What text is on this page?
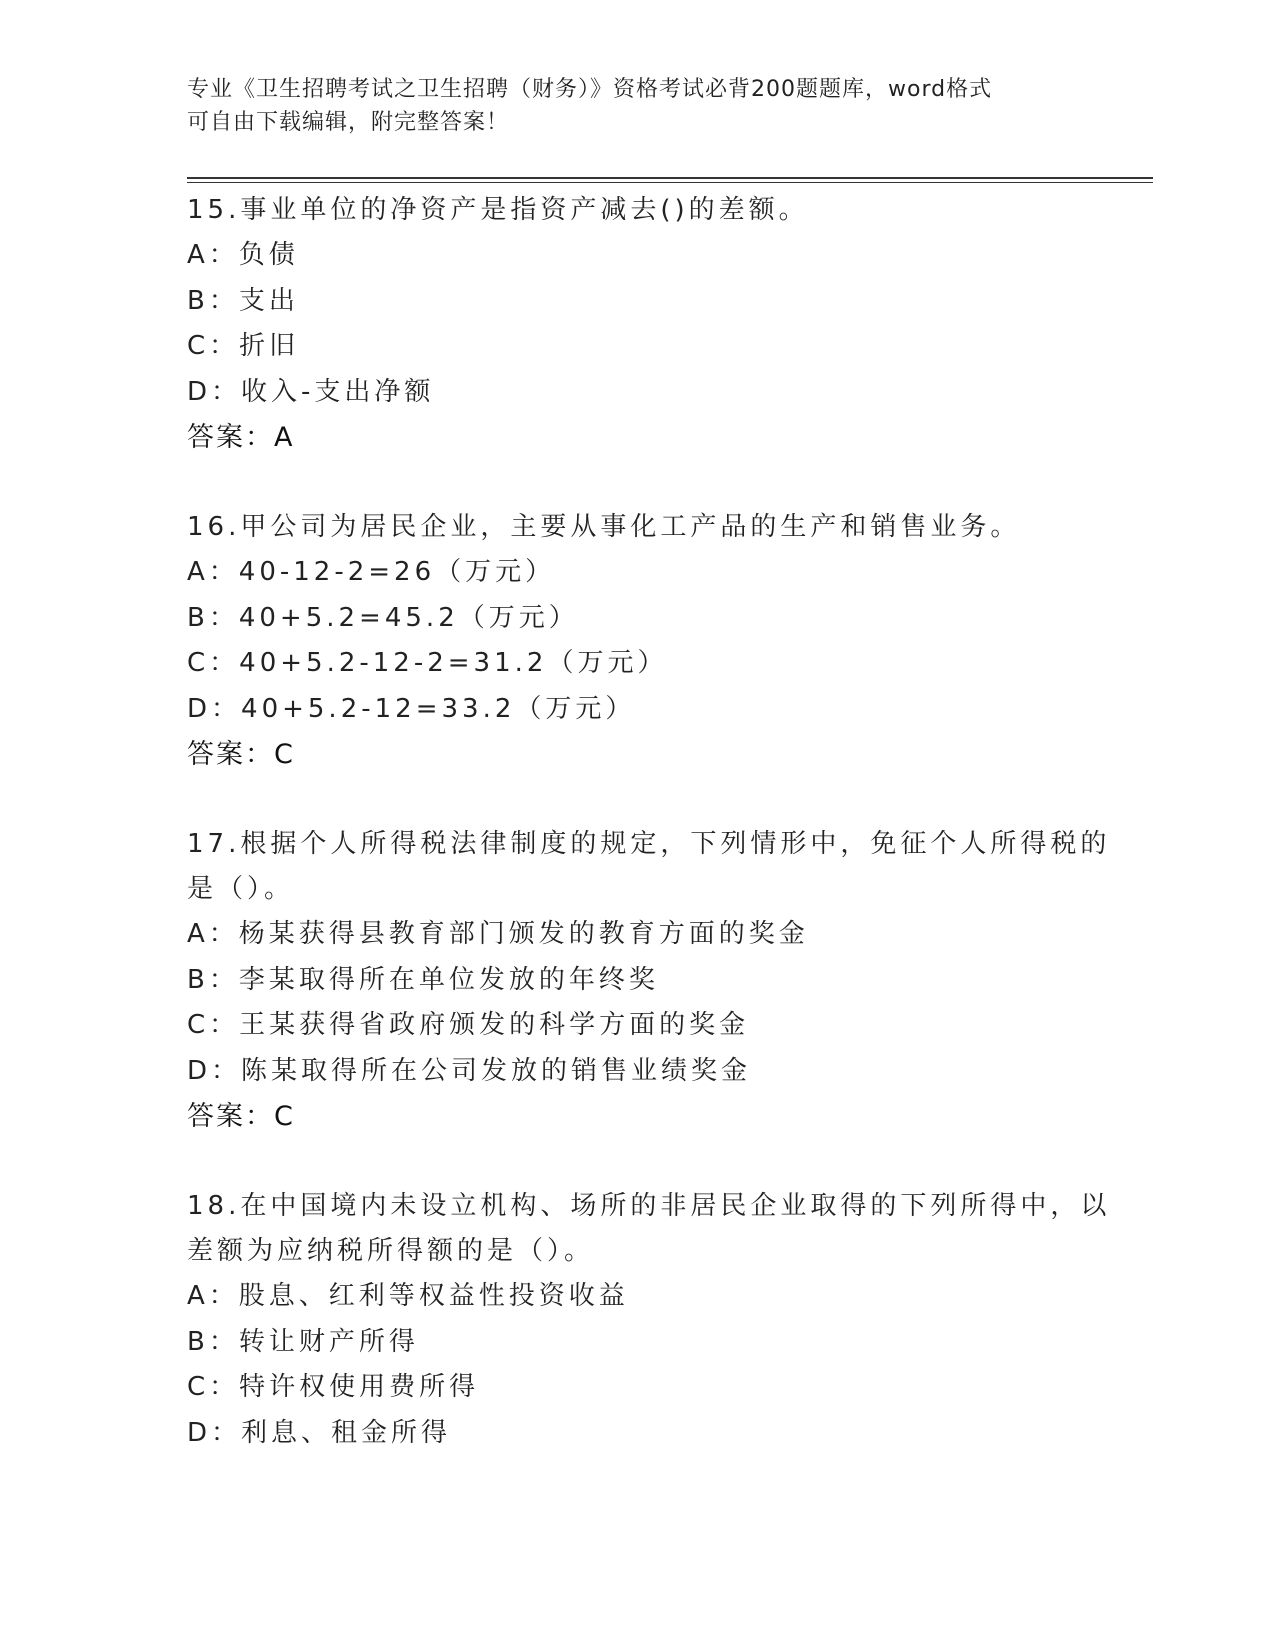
专业《卫生招聘考试之卫生招聘（财务）》资格考试必背200题题库，word格式
可自由下载编辑，附完整答案！
15.事业单位的净资产是指资产减去()的差额。
A：负债
B：支出
C：折旧
D：收入-支出净额
答案：A
16.甲公司为居民企业，主要从事化工产品的生产和销售业务。
A：40-12-2=26（万元）
B：40+5.2=45.2（万元）
C：40+5.2-12-2=31.2（万元）
D：40+5.2-12=33.2（万元）
答案：C
17.根据个人所得税法律制度的规定，下列情形中，免征个人所得税的
是（）。
A：杨某获得县教育部门颁发的教育方面的奖金
B：李某取得所在单位发放的年终奖
C：王某获得省政府颁发的科学方面的奖金
D：陈某取得所在公司发放的销售业绩奖金
答案：C
18.在中国境内未设立机构、场所的非居民企业取得的下列所得中，以
差额为应纳税所得额的是（）。
A：股息、红利等权益性投资收益
B：转让财产所得
C：特许权使用费所得
D：利息、租金所得
